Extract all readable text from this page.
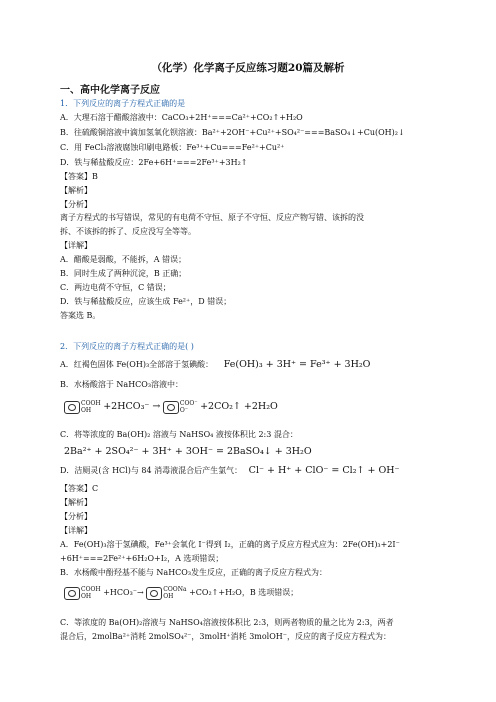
（化学）化学离子反应练习题20篇及解析
一、高中化学离子反应
1．下列反应的离子方程式正确的是
A．大理石溶于醋酸溶液中：CaCO₃+2H⁺===Ca²⁺+CO₂↑+H₂O
B．往硫酸铜溶液中滴加氢氧化钡溶液：Ba²⁺+2OH⁻+Cu²⁺+SO₄²⁻===BaSO₄↓+Cu(OH)₂↓
C．用 FeCl₃溶液腐蚀印刷电路板：Fe³⁺+Cu===Fe²⁺+Cu²⁺
D．铁与稀盐酸反应：2Fe+6H⁺===2Fe³⁺+3H₂↑
【答案】B
【解析】
【分析】
离子方程式的书写错误，常见的有电荷不守恒、原子不守恒、反应产物写错、该拆的没
拆、不该拆的拆了、反应没写全等等。
【详解】
A．醋酸是弱酸，不能拆，A 错误；
B．同时生成了两种沉淀，B 正确；
C．两边电荷不守恒，C 错误；
D．铁与稀盐酸反应，应该生成 Fe²⁺，D 错误；
答案选 B。
2．下列反应的离子方程式正确的是( )
A．红褐色固体 Fe(OH)₃全部溶于氢碘酸： Fe(OH)₃ + 3H⁺ = Fe³⁺ + 3H₂O
B．水杨酸溶于 NaHCO₃溶液中：
COOH
OH +2HCO₃⁻ →	COO⁻
O⁻ +2CO₂↑ +2H₂O
C．将等浓度的 Ba(OH)₂ 溶液与 NaHSO₄ 液按体积比 2:3 混合：
2Ba²⁺ + 2SO₄²⁻ + 3H⁺ + 3OH⁻ = 2BaSO₄↓ + 3H₂O
D．洁厕灵(含 HCl)与 84 消毒液混合后产生氯气： Cl⁻ + H⁺ + ClO⁻ = Cl₂↑ + OH⁻
【答案】C
【解析】
【分析】
【详解】
A．Fe(OH)₃溶于氢碘酸，Fe³⁺会氧化 I⁻得到 I₂，正确的离子反应方程式应为：2Fe(OH)₃+2I⁻
+6H⁺===2Fe²⁺+6H₂O+I₂，A 选项错误；
B．水杨酸中酚羟基不能与 NaHCO₃发生反应，正确的离子反应方程式为：
COOH
OH +HCO₃⁻→	COONa
OH +CO₂↑+H₂O，B 选项错误；
C．等浓度的 Ba(OH)₂溶液与 NaHSO₄溶液按体积比 2:3，则两者物质的量之比为 2:3，两者
混合后，2molBa²⁺消耗 2molSO₄²⁻，3molH⁺消耗 3molOH⁻，反应的离子反应方程式为：
